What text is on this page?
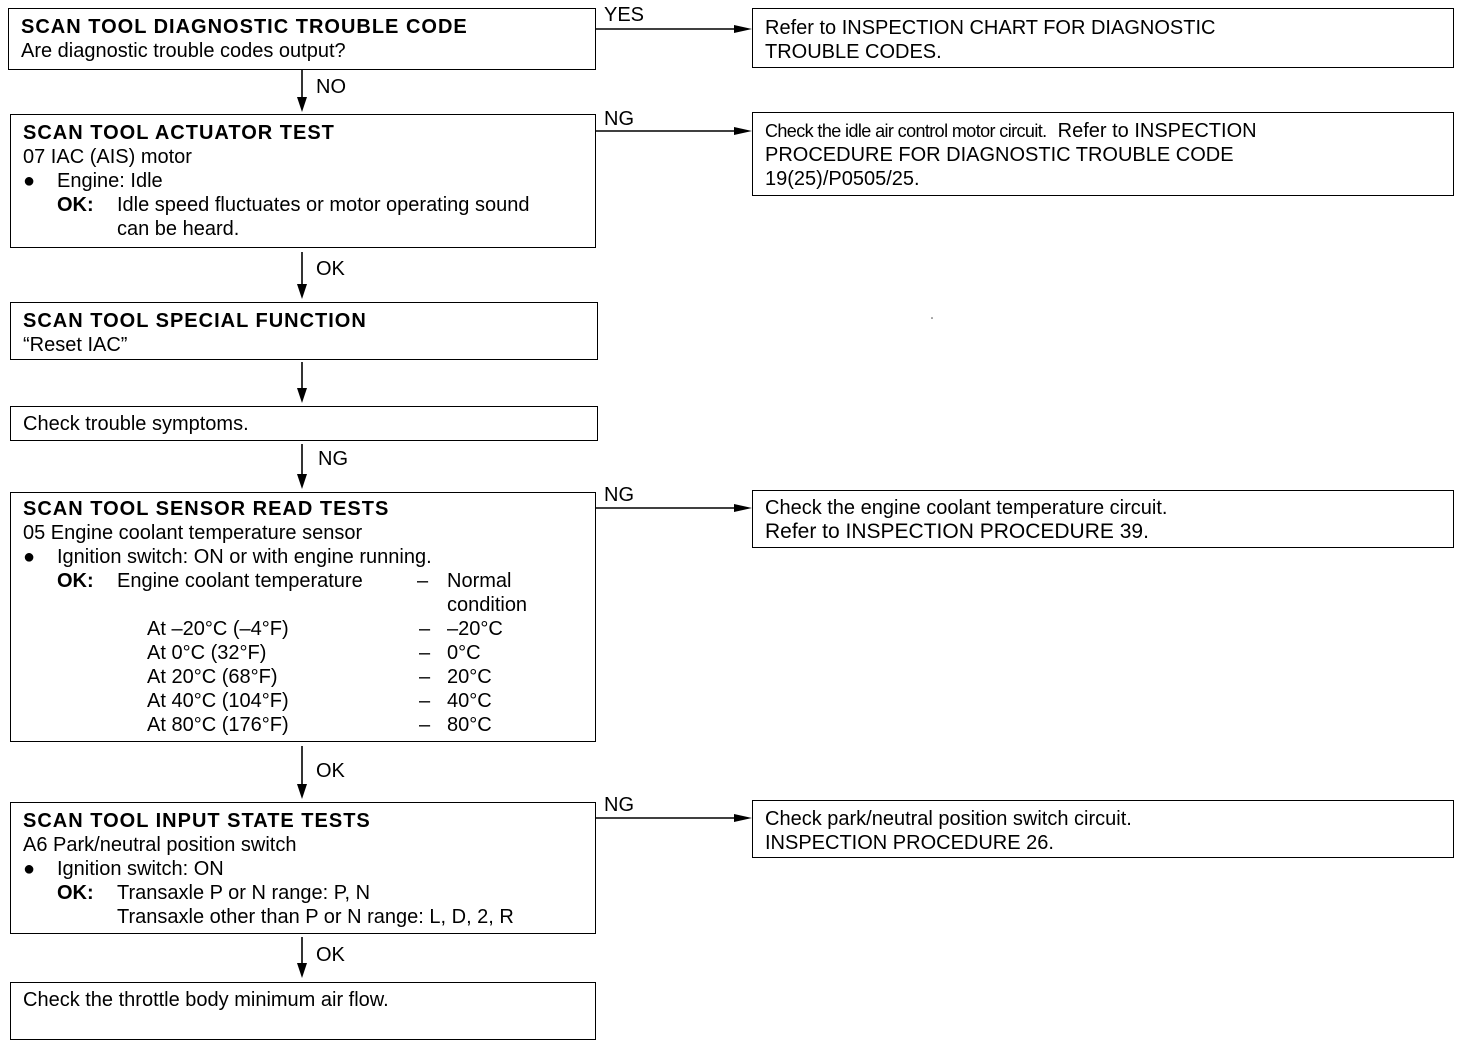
SCAN TOOL DIAGNOSTIC TROUBLE CODE
Are diagnostic trouble codes output?
SCAN TOOL ACTUATOR TEST
07 IAC (AIS) motor
● Engine: Idle
OK: Idle speed fluctuates or motor operating sound
can be heard.
SCAN TOOL SPECIAL FUNCTION
“Reset IAC”
Check trouble symptoms.
SCAN TOOL SENSOR READ TESTS
05 Engine coolant temperature sensor
● Ignition switch: ON or with engine running.
OK: Engine coolant temperature	– Normal
condition
At –20°C (–4°F)	– –20°C
At 0°C (32°F)	– 0°C
At 20°C (68°F)	– 20°C
At 40°C (104°F)	– 40°C
At 80°C (176°F)	– 80°C
SCAN TOOL INPUT STATE TESTS
A6 Park/neutral position switch
● Ignition switch: ON
OK: Transaxle P or N range: P, N
Transaxle other than P or N range: L, D, 2, R
Check the throttle body minimum air flow.
Refer to INSPECTION CHART FOR DIAGNOSTIC
TROUBLE CODES.
Check the idle air control motor circuit. Refer to INSPECTION
PROCEDURE FOR DIAGNOSTIC TROUBLE CODE
19(25)/P0505/25.
Check the engine coolant temperature circuit.
Refer to INSPECTION PROCEDURE 39.
Check park/neutral position switch circuit.
INSPECTION PROCEDURE 26.
YES
NO
NG
OK
NG
NG
OK
NG
OK
